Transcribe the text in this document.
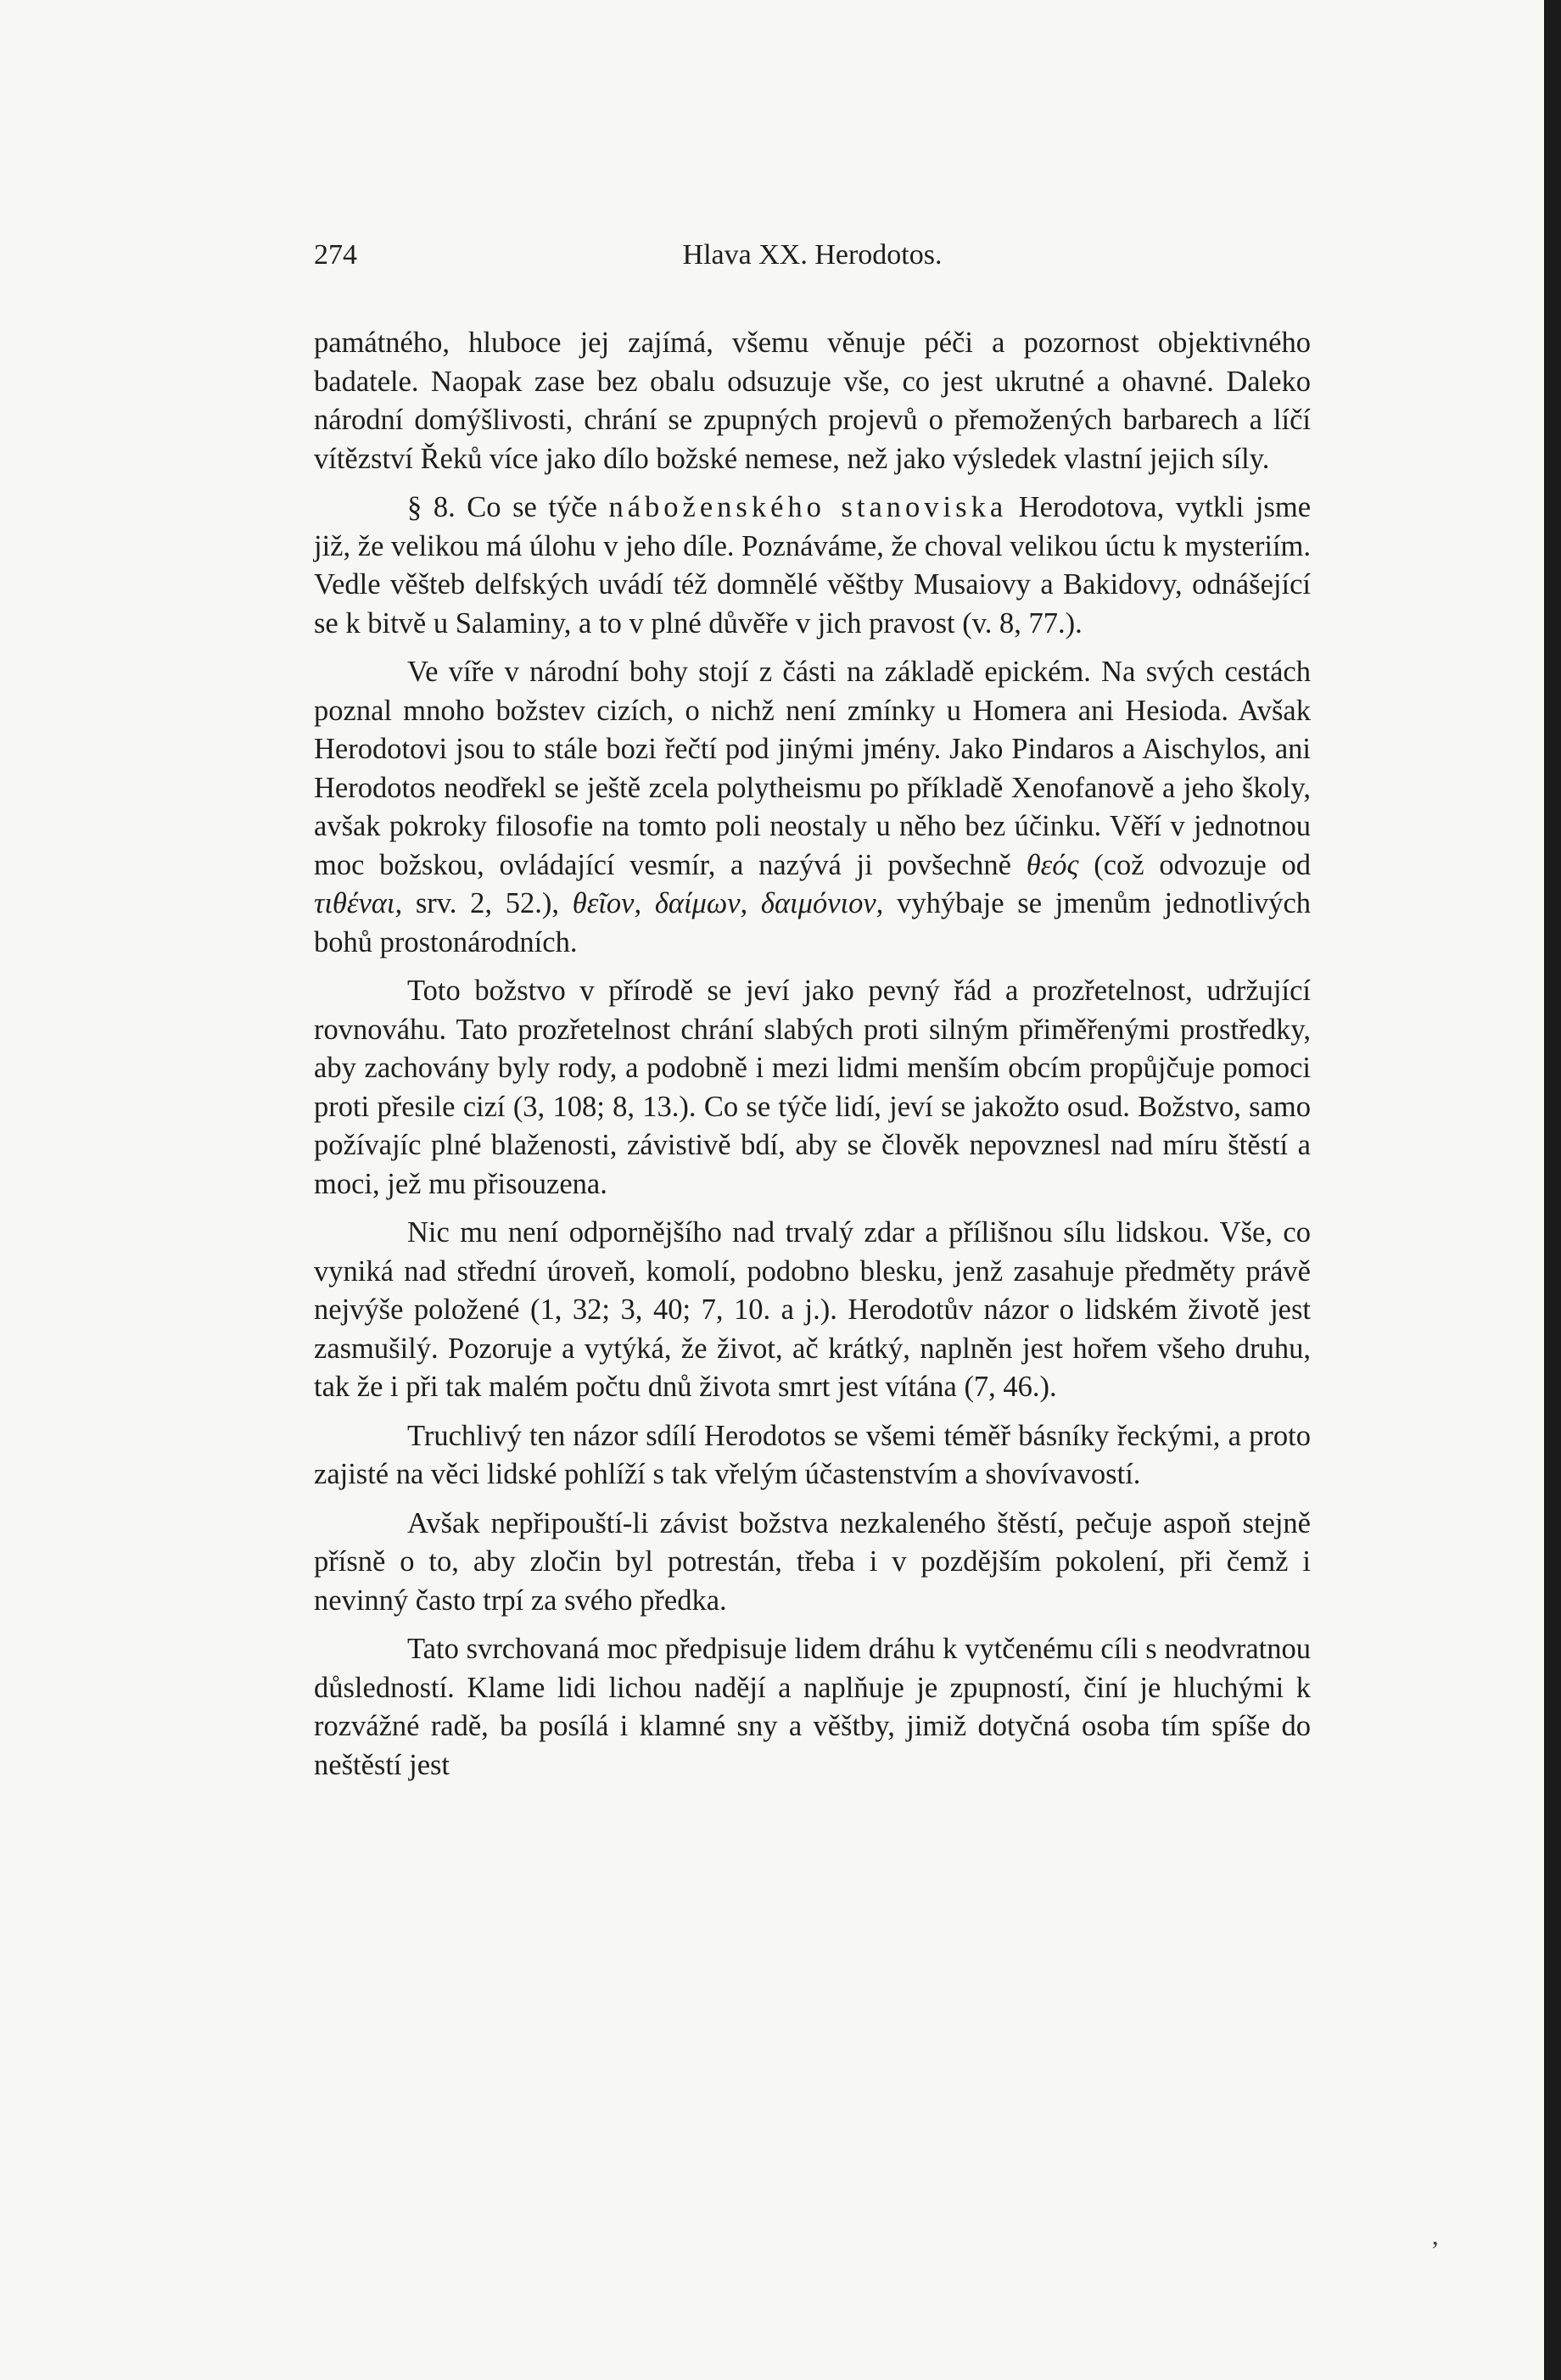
274	Hlava XX. Herodotos.

památného, hluboce jej zajímá, všemu věnuje péči a pozornost objektivného badatele. Naopak zase bez obalu odsuzuje vše, co jest ukrutné a ohavné. Daleko národní domýšlivosti, chrání se zpupných projevů o přemožených barbarech a líčí vítězství Řeků více jako dílo božské nemese, než jako výsledek vlastní jejich síly.

§ 8. Co se týče náboženského stanoviska Herodotova, vytkli jsme již, že velikou má úlohu v jeho díle. Poznáváme, že choval velikou úctu k mysteriím. Vedle věšteb delfských uvádí též domnělé věštby Musaiovy a Bakidovy, odnášející se k bitvě u Salaminy, a to v plné důvěře v jich pravost (v. 8, 77.).

Ve víře v národní bohy stojí z části na základě epickém. Na svých cestách poznal mnoho božstev cizích, o nichž není zmínky u Homera ani Hesioda. Avšak Herodotovi jsou to stále bozi řečtí pod jinými jmény. Jako Pindaros a Aischylos, ani Herodotos neodřekl se ještě zcela polytheismu po příkladě Xenofanově a jeho školy, avšak pokroky filosofie na tomto poli neostaly u něho bez účinku. Věří v jednotnou moc božskou, ovládající vesmír, a nazývá ji povšechně θεός (což odvozuje od τιθέναι, srv. 2, 52.), θεῖον, δαίμων, δαιμόνιον, vyhýbaje se jmenům jednotlivých bohů prostonárodních.

Toto božstvo v přírodě se jeví jako pevný řád a prozřetelnost, udržující rovnováhu. Tato prozřetelnost chrání slabých proti silným přiměřenými prostředky, aby zachovány byly rody, a podobně i mezi lidmi menším obcím propůjčuje pomoci proti přesile cizí (3, 108; 8, 13.). Co se týče lidí, jeví se jakožto osud. Božstvo, samo požívajíc plné blaženosti, závistivě bdí, aby se člověk nepovznesl nad míru štěstí a moci, jež mu přisouzena.

Nic mu není odpornějšího nad trvalý zdar a přílišnou sílu lidskou. Vše, co vyniká nad střední úroveň, komolí, podobno blesku, jenž zasahuje předměty právě nejvýše položené (1, 32; 3, 40; 7, 10. a j.). Herodotův názor o lidském životě jest zasmušilý. Pozoruje a vytýká, že život, ač krátký, naplněn jest hořem všeho druhu, tak že i při tak malém počtu dnů života smrt jest vítána (7, 46.).

Truchlivý ten názor sdílí Herodotos se všemi téměř básníky řeckými, a proto zajisté na věci lidské pohlíží s tak vřelým účastenstvím a shovívavostí.

Avšak nepřipouští-li závist božstva nezkaleného štěstí, pečuje aspoň stejně přísně o to, aby zločin byl potrestán, třeba i v pozdějším pokolení, při čemž i nevinný často trpí za svého předka.

Tato svrchovaná moc předpisuje lidem dráhu k vytčenému cíli s neodvratnou důsledností. Klame lidi lichou nadějí a naplňuje je zpupností, činí je hluchými k rozvážné radě, ba posílá i klamné sny a věštby, jimiž dotyčná osoba tím spíše do neštěstí jest

,
